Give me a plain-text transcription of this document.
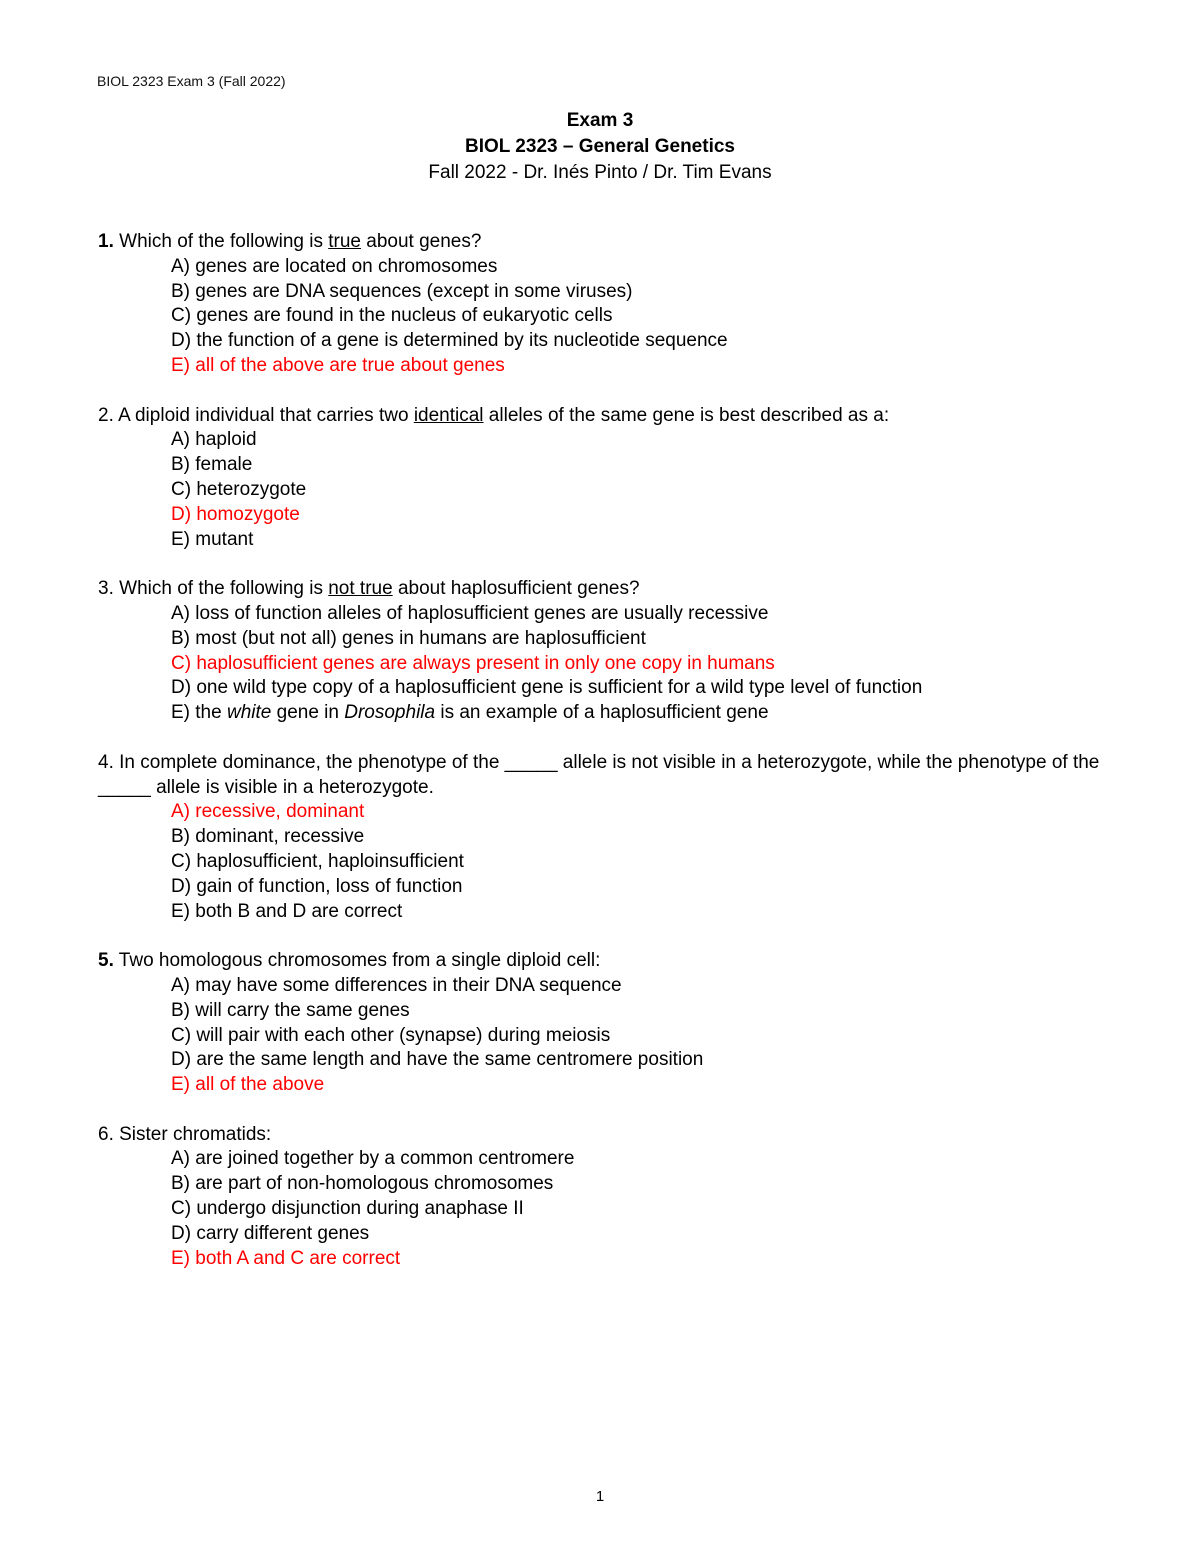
BIOL 2323 Exam 3 (Fall 2022)
Exam 3
BIOL 2323 – General Genetics
Fall 2022 - Dr. Inés Pinto / Dr. Tim Evans

1. Which of the following is true about genes?

A) genes are located on chromosomes
B) genes are DNA sequences (except in some viruses)
C) genes are found in the nucleus of eukaryotic cells
D) the function of a gene is determined by its nucleotide sequence
E) all of the above are true about genes

2. A diploid individual that carries two identical alleles of the same gene is best described as a:

A) haploid
B) female
C) heterozygote
D) homozygote
E) mutant

3. Which of the following is not true about haplosufficient genes?

A) loss of function alleles of haplosufficient genes are usually recessive
B) most (but not all) genes in humans are haplosufficient
C) haplosufficient genes are always present in only one copy in humans
D) one wild type copy of a haplosufficient gene is sufficient for a wild type level of function
E) the white gene in Drosophila is an example of a haplosufficient gene

4. In complete dominance, the phenotype of the _____ allele is not visible in a heterozygote, while the phenotype of the _____ allele is visible in a heterozygote.

A) recessive, dominant
B) dominant, recessive
C) haplosufficient, haploinsufficient
D) gain of function, loss of function
E) both B and D are correct

5. Two homologous chromosomes from a single diploid cell:

A) may have some differences in their DNA sequence
B) will carry the same genes
C) will pair with each other (synapse) during meiosis
D) are the same length and have the same centromere position
E) all of the above

6. Sister chromatids:

A) are joined together by a common centromere
B) are part of non-homologous chromosomes
C) undergo disjunction during anaphase II
D) carry different genes
E) both A and C are correct
1
